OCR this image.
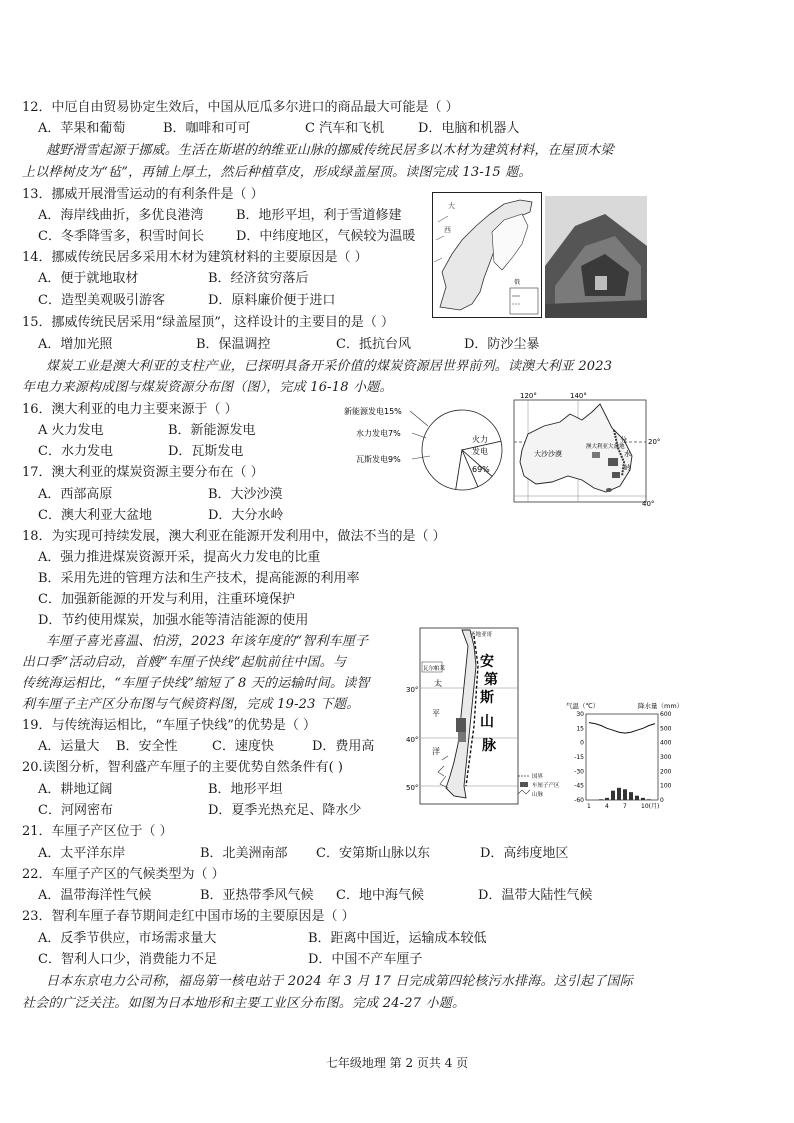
12．中厄自由贸易协定生效后，中国从厄瓜多尔进口的商品最大可能是（ ）
A．苹果和葡萄	B．咖啡和可可	C 汽车和飞机	D．电脑和机器人
越野滑雪起源于挪威。生活在斯堪的纳维亚山脉的挪威传统民居多以木材为建筑材料，在屋顶木梁
上以桦树皮为“毡”，再铺上厚土，然后种植草皮，形成绿盖屋顶。读图完成 13-15 题。
13．挪威开展滑雪运动的有利条件是（ ）
A．海岸线曲折，多优良港湾	B．地形平坦，利于雪道修建
C．冬季降雪多，积雪时间长 D．中纬度地区，气候较为温暖
14．挪威传统民居多采用木材为建筑材料的主要原因是（ ）
A．便于就地取材	B．经济贫穷落后
C．造型美观吸引游客	D．原料廉价便于进口
大
西
俄
15．挪威传统民居采用“绿盖屋顶”，这样设计的主要目的是（ ）
A．增加光照	B．保温调控	C．抵抗台风	D．防沙尘暴
煤炭工业是澳大利亚的支柱产业，已探明具备开采价值的煤炭资源居世界前列。读澳大利亚 2023
年电力来源构成图与煤炭资源分布图（图），完成 16-18 小题。
16．澳大利亚的电力主要来源于（ ）
A 火力发电	B．新能源发电
C．水力发电	D．瓦斯发电
新能源发电15%
水力发电7%
瓦斯发电9%
火力
发电
69%
120°	140°
20°
40°
大沙沙漠
澳大利亚大盆地
分
水
岭
17．澳大利亚的煤炭资源主要分布在（ ）
A．西部高原	B．大沙沙漠
C．澳大利亚大盆地	D．大分水岭
18．为实现可持续发展，澳大利亚在能源开发利用中，做法不当的是（ ）
A．强力推进煤炭资源开采，提高火力发电的比重
B．采用先进的管理方法和生产技术，提高能源的利用率
C．加强新能源的开发与利用，注重环境保护
D．节约使用煤炭，加强水能等清洁能源的使用
车厘子喜光喜温、怕涝，2023 年该年度的“智利车厘子
出口季”活动启动，首艘“车厘子快线”起航前往中国。与
传统海运相比，“车厘子快线”缩短了 8 天的运输时间。读智
利车厘子主产区分布图与气候资料图，完成 19-23 下题。
30°
40°
50°
瓦尔帕莱
圣地亚哥
安
第
斯
山
脉
太
平
洋
国界
车厘子产区
山脉
气温（℃）	降水量（mm）
30
15
0
-15
-30
-45
-60
600
500
400
300
200
100
0
1 4 7 10(月)
19．与传统海运相比，“车厘子快线”的优势是（ ）
A．运量大 B．安全性	C．速度快	D．费用高
20.读图分析，智利盛产车厘子的主要优势自然条件有( )
A．耕地辽阔	B．地形平坦
C．河网密布	D．夏季光热充足、降水少
21．车厘子产区位于（ ）
A．太平洋东岸	B．北美洲南部 C．安第斯山脉以东	D．高纬度地区
22．车厘子产区的气候类型为（ ）
A．温带海洋性气候	B．亚热带季风气候 C．地中海气候	D．温带大陆性气候
23．智利车厘子春节期间走红中国市场的主要原因是（ ）
A．反季节供应，市场需求量大	B．距离中国近，运输成本较低
C．智利人口少，消费能力不足	D．中国不产车厘子
日本东京电力公司称，福岛第一核电站于 2024 年 3 月 17 日完成第四轮核污水排海。这引起了国际
社会的广泛关注。如图为日本地形和主要工业区分布图。完成 24-27 小题。
七年级地理 第 2 页共 4 页
